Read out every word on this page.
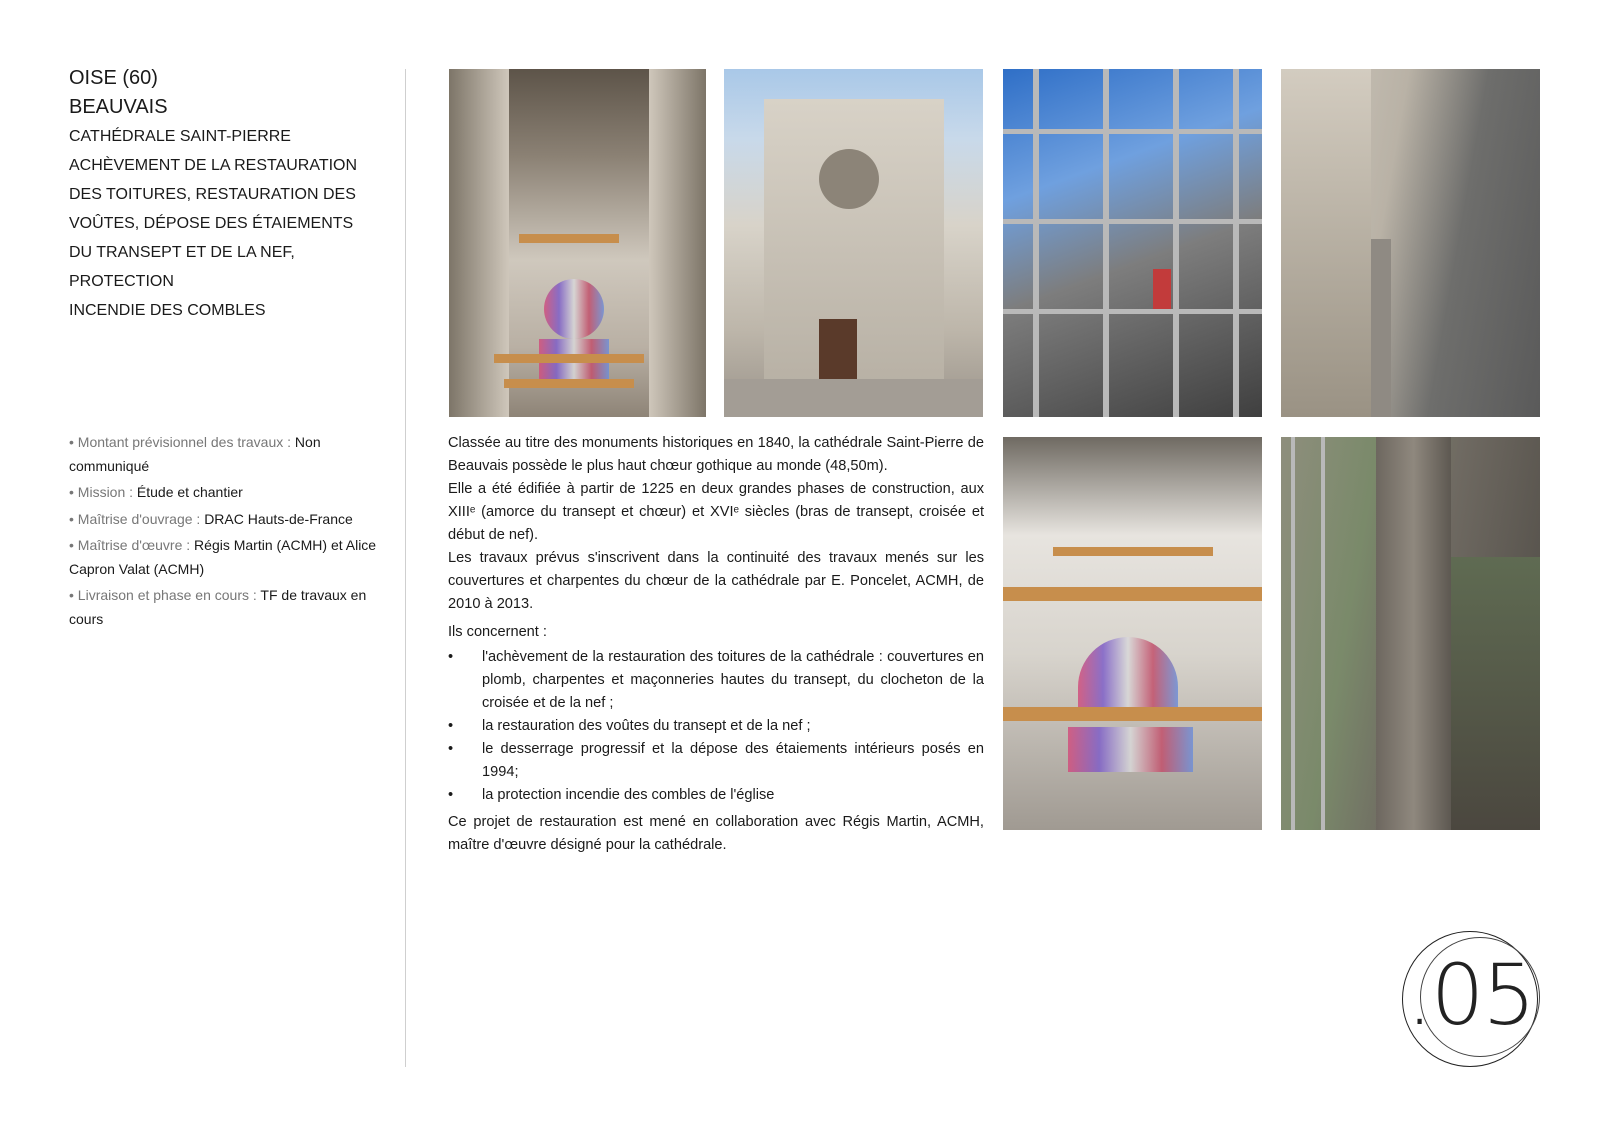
OISE (60)
BEAUVAIS
CATHÉDRALE SAINT-PIERRE
ACHÈVEMENT DE LA RESTAURATION
DES TOITURES, RESTAURATION DES
VOÛTES, DÉPOSE DES ÉTAIEMENTS
DU TRANSEPT ET DE LA NEF, PROTECTION
INCENDIE DES COMBLES

• Montant prévisionnel des travaux : Non communiqué

• Mission : Étude et chantier

• Maîtrise d'ouvrage : DRAC Hauts-de-France

• Maîtrise d'œuvre : Régis Martin (ACMH) et Alice Capron Valat (ACMH)

• Livraison et phase en cours : TF de travaux en cours

Classée au titre des monuments historiques en 1840, la cathédrale Saint-Pierre de Beauvais possède le plus haut chœur gothique au monde (48,50m).

Elle a été édifiée à partir de 1225 en deux grandes phases de construction, aux XIIIᵉ (amorce du transept et chœur) et XVIᵉ siècles (bras de transept, croisée et début de nef).

Les travaux prévus s'inscrivent dans la continuité des travaux menés sur les couvertures et charpentes du chœur de la cathédrale par E. Poncelet, ACMH, de 2010 à 2013.

Ils concernent :

• l'achèvement de la restauration des toitures de la cathédrale : couvertures en plomb, charpentes et maçonneries hautes du transept, du clocheton de la croisée et de la nef ;
• la restauration des voûtes du transept et de la nef ;
• le desserrage progressif et la dépose des étaiements intérieurs posés en 1994;
• la protection incendie des combles de l'église

Ce projet de restauration est mené en collaboration avec Régis Martin, ACMH, maître d'œuvre désigné pour la cathédrale.

.05
